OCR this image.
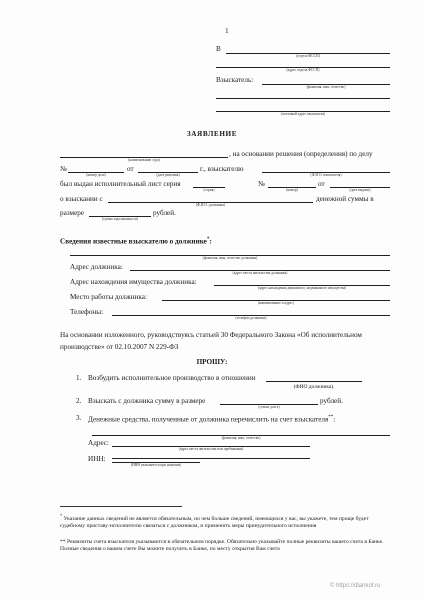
1
В
(отдела ФССП)
(адрес отдела ФССП)
Взыскатель:
(фамилия, имя, отчество)
(почтовый адрес взыскателя)
ЗАЯВЛЕНИЕ
, на основании решения (определения) по делу
(наименование суда)
№
(номер дела)
от
(дата решения)
г., взыскателю
(Ф.И.О. взыскателя)
был выдан исполнительный лист серия
(серия)
№
(номер)
от
(дата выдачи)
о взыскании с
(Ф.И.О. должника)
денежной суммы в
размере
(сумма задолженности)
рублей.
Сведения известные взыскателю о должнике*:
(фамилия, имя, отчество должника)
Адрес должника:
(адрес места жительства должника)
Адрес нахождения имущества должника:
(адрес нахождения движимого, недвижимого имущества)
Место работы должника:
(наименование и адрес)
Телефоны:
(телефон должника)
На основании изложенного, руководствуясь статьей 30 Федерального Закона «Об исполнительном
производстве» от 02.10.2007 N 229-ФЗ
ПРОШУ:
1. Возбудить исполнительное производство в отношении
(ФИО должника).
2. Взыскать с должника сумму в размере
(сумма долга)
рублей.
3. Денежные средства, полученные от должника перечислить на счет взыскателя**:
(фамилия, имя, отчество)
Адрес:
(адрес места жительства или пребывания)
ИНН:
(ИНН указывается при наличии)
* Указание данных сведений не является обязательным, но чем больше сведений, имеющихся у вас, вы укажете, тем проще будет судебному приставу-исполнителю связаться с должником, и применить меры принудительного исполнения
** Реквизиты счета взыскателя указываются в обязательном порядке. Обязательно указывайте полные реквизиты вашего счета в Банке. Полные сведения о вашем счете Вы можете получить в Банке, по месту открытия Вам счета
© https://dlankof.ru
